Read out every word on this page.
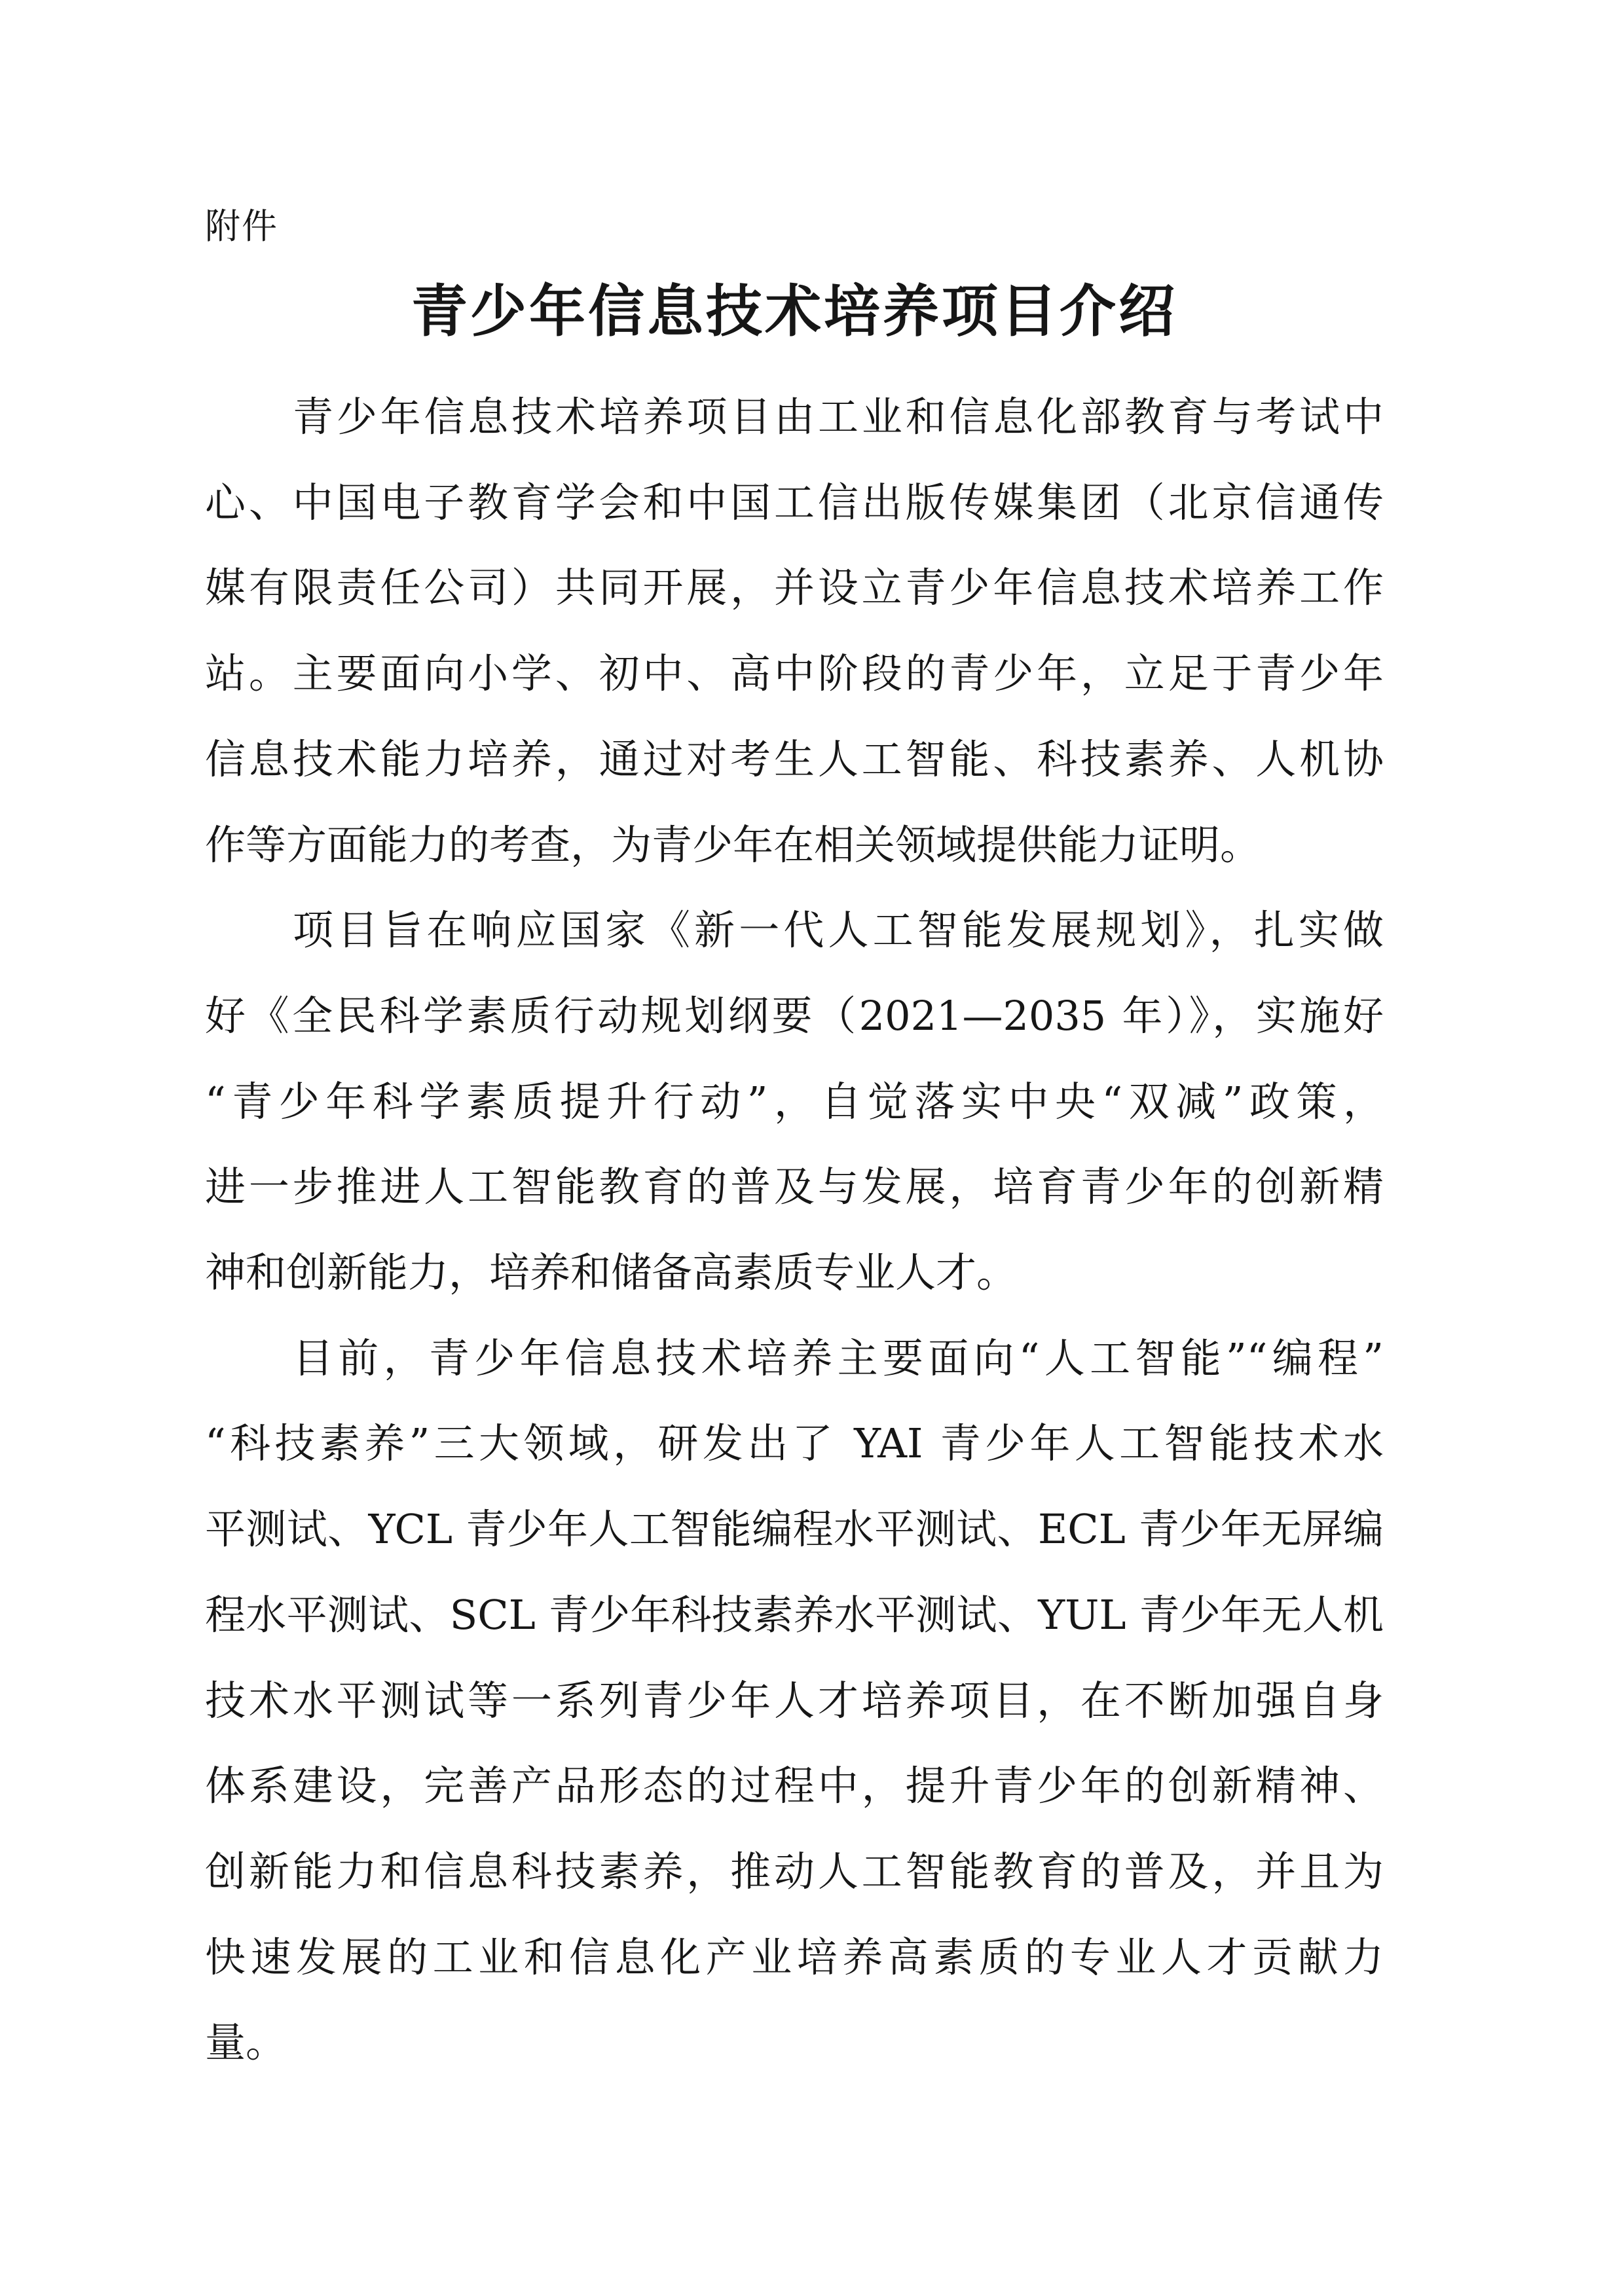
附件
青少年信息技术培养项目介绍
青少年信息技术培养项目由工业和信息化部教育与考试中
心、中国电子教育学会和中国工信出版传媒集团（北京信通传
媒有限责任公司）共同开展，并设立青少年信息技术培养工作
站。主要面向小学、初中、高中阶段的青少年，立足于青少年
信息技术能力培养，通过对考生人工智能、科技素养、人机协
作等方面能力的考查，为青少年在相关领域提供能力证明。
项目旨在响应国家《新一代人工智能发展规划》，扎实做
好《全民科学素质行动规划纲要（2021—2035 年）》，实施好
“青少年科学素质提升行动”，自觉落实中央“双减”政策，
进一步推进人工智能教育的普及与发展，培育青少年的创新精
神和创新能力，培养和储备高素质专业人才。
目前，青少年信息技术培养主要面向“人工智能”“编程”
“科技素养”三大领域，研发出了 YAI 青少年人工智能技术水
平测试、YCL 青少年人工智能编程水平测试、ECL 青少年无屏编
程水平测试、SCL 青少年科技素养水平测试、YUL 青少年无人机
技术水平测试等一系列青少年人才培养项目，在不断加强自身
体系建设，完善产品形态的过程中，提升青少年的创新精神、
创新能力和信息科技素养，推动人工智能教育的普及，并且为
快速发展的工业和信息化产业培养高素质的专业人才贡献力
量。
